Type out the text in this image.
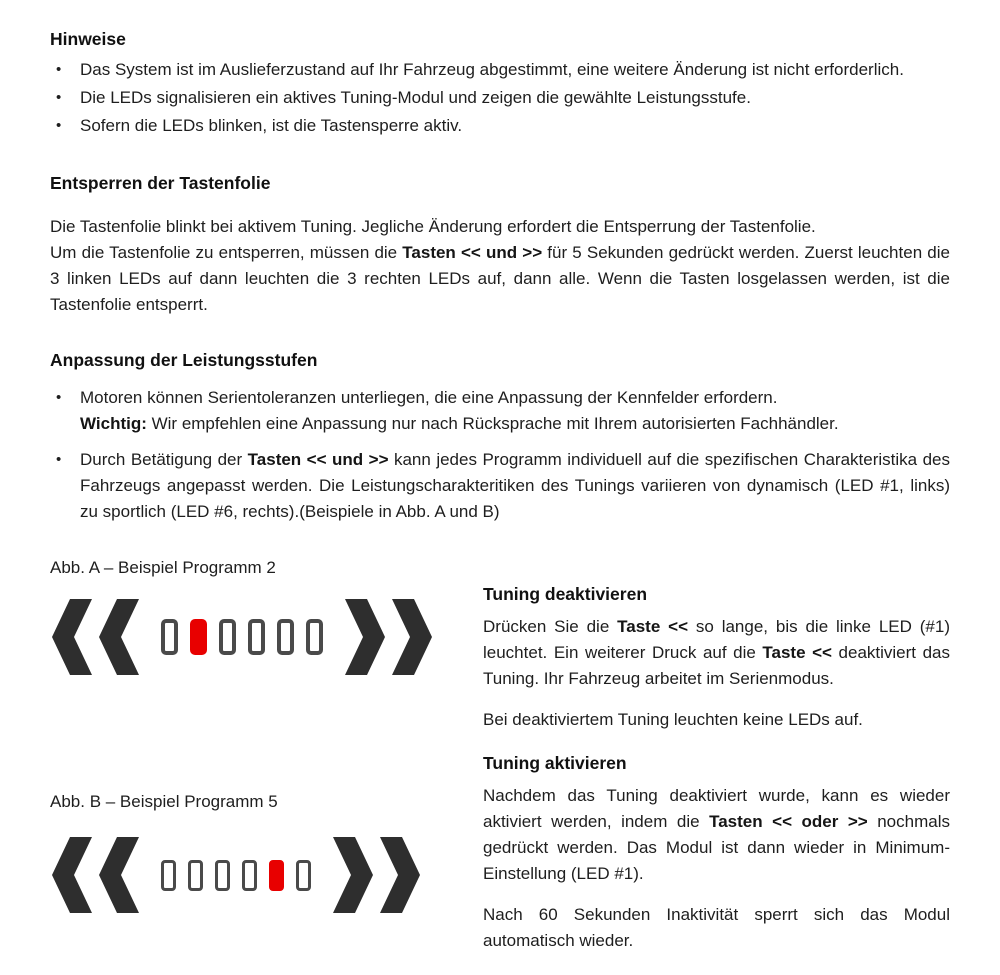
Hinweise
•	Das System ist im Auslieferzustand auf Ihr Fahrzeug abgestimmt, eine weitere Änderung ist nicht erforderlich.
•	Die LEDs signalisieren ein aktives Tuning-Modul und zeigen die gewählte Leistungsstufe.
•	Sofern die LEDs blinken, ist die Tastensperre aktiv.
Entsperren der Tastenfolie

Die Tastenfolie blinkt bei aktivem Tuning. Jegliche Änderung erfordert die Entsperrung der Tastenfolie.
Um die Tastenfolie zu entsperren, müssen die Tasten << und >> für 5 Sekunden gedrückt werden. Zuerst leuchten die 3 linken LEDs auf dann leuchten die 3 rechten LEDs auf, dann alle. Wenn die Tasten losgelassen werden, ist die Tastenfolie entsperrt.

Anpassung der Leistungsstufen
•	Motoren können Serientoleranzen unterliegen, die eine Anpassung der Kennfelder erfordern.
Wichtig: Wir empfehlen eine Anpassung nur nach Rücksprache mit Ihrem autorisierten Fachhändler.
•	Durch Betätigung der Tasten << und >> kann jedes Programm individuell auf die spezifischen Charakteristika des Fahrzeugs angepasst werden. Die Leistungscharakteritiken des Tunings variieren von dynamisch (LED #1, links) zu sportlich (LED #6, rechts).(Beispiele in Abb. A und B)

Abb. A – Beispiel Programm 2

Abb. B – Beispiel Programm 5

Tuning deaktivieren

Drücken Sie die Taste << so lange, bis die linke LED (#1) leuchtet. Ein weiterer Druck auf die Taste << deaktiviert das Tuning. Ihr Fahrzeug arbeitet im Serienmodus.

Bei deaktiviertem Tuning leuchten keine LEDs auf.

Tuning aktivieren

Nachdem das Tuning deaktiviert wurde, kann es wieder aktiviert werden, indem die Tasten << oder >> nochmals gedrückt werden. Das Modul ist dann wieder in Minimum-Einstellung (LED #1).

Nach 60 Sekunden Inaktivität sperrt sich das Modul automatisch wieder.
